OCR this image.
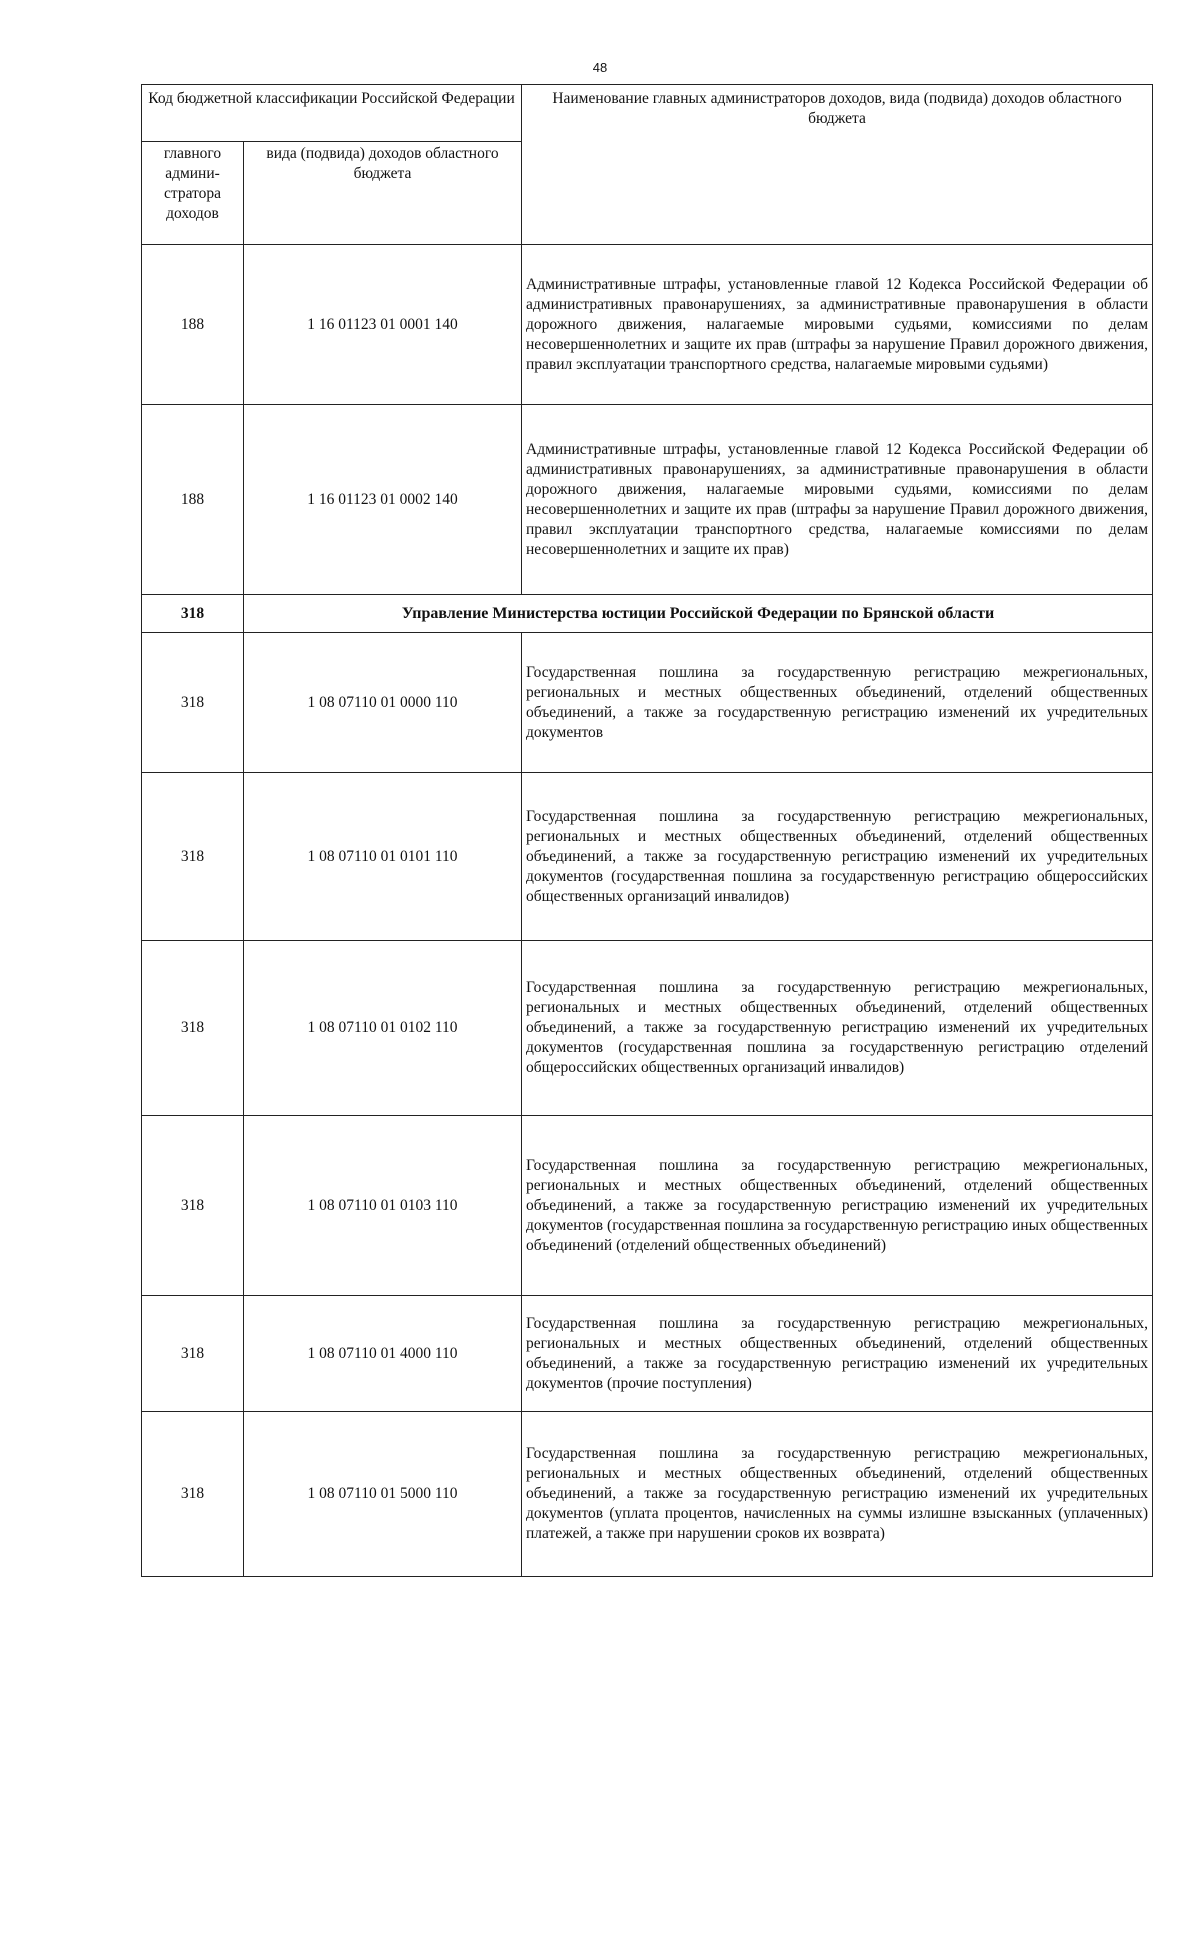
48
Код бюджетной классификации Российской Федерации		Наименование главных администраторов доходов, вида (подвида) доходов областного бюджета
главного админи-стратора доходов	вида (подвида) доходов областного бюджета	
188	1 16 01123 01 0001 140	Административные штрафы, установленные главой 12 Кодекса Российской Федерации об административных правонарушениях, за административные правонарушения в области дорожного движения, налагаемые мировыми судьями, комиссиями по делам несовершеннолетних и защите их прав (штрафы за нарушение Правил дорожного движения, правил эксплуатации транспортного средства, налагаемые мировыми судьями)
188	1 16 01123 01 0002 140	Административные штрафы, установленные главой 12 Кодекса Российской Федерации об административных правонарушениях, за административные правонарушения в области дорожного движения, налагаемые мировыми судьями, комиссиями по делам несовершеннолетних и защите их прав (штрафы за нарушение Правил дорожного движения, правил эксплуатации транспортного средства, налагаемые комиссиями по делам несовершеннолетних и защите их прав)
318	Управление Министерства юстиции Российской Федерации по Брянской области	
318	1 08 07110 01 0000 110	Государственная пошлина за государственную регистрацию межрегиональных, региональных и местных общественных объединений, отделений общественных объединений, а также за государственную регистрацию изменений их учредительных документов
318	1 08 07110 01 0101 110	Государственная пошлина за государственную регистрацию межрегиональных, региональных и местных общественных объединений, отделений общественных объединений, а также за государственную регистрацию изменений их учредительных документов (государственная пошлина за государственную регистрацию общероссийских общественных организаций инвалидов)
318	1 08 07110 01 0102 110	Государственная пошлина за государственную регистрацию межрегиональных, региональных и местных общественных объединений, отделений общественных объединений, а также за государственную регистрацию изменений их учредительных документов (государственная пошлина за государственную регистрацию отделений общероссийских общественных организаций инвалидов)
318	1 08 07110 01 0103 110	Государственная пошлина за государственную регистрацию межрегиональных, региональных и местных общественных объединений, отделений общественных объединений, а также за государственную регистрацию изменений их учредительных документов (государственная пошлина за государственную регистрацию иных общественных объединений (отделений общественных объединений)
318	1 08 07110 01 4000 110	Государственная пошлина за государственную регистрацию межрегиональных, региональных и местных общественных объединений, отделений общественных объединений, а также за государственную регистрацию изменений их учредительных документов (прочие поступления)
318	1 08 07110 01 5000 110	Государственная пошлина за государственную регистрацию межрегиональных, региональных и местных общественных объединений, отделений общественных объединений, а также за государственную регистрацию изменений их учредительных документов (уплата процентов, начисленных на суммы излишне взысканных (уплаченных) платежей, а также при нарушении сроков их возврата)
